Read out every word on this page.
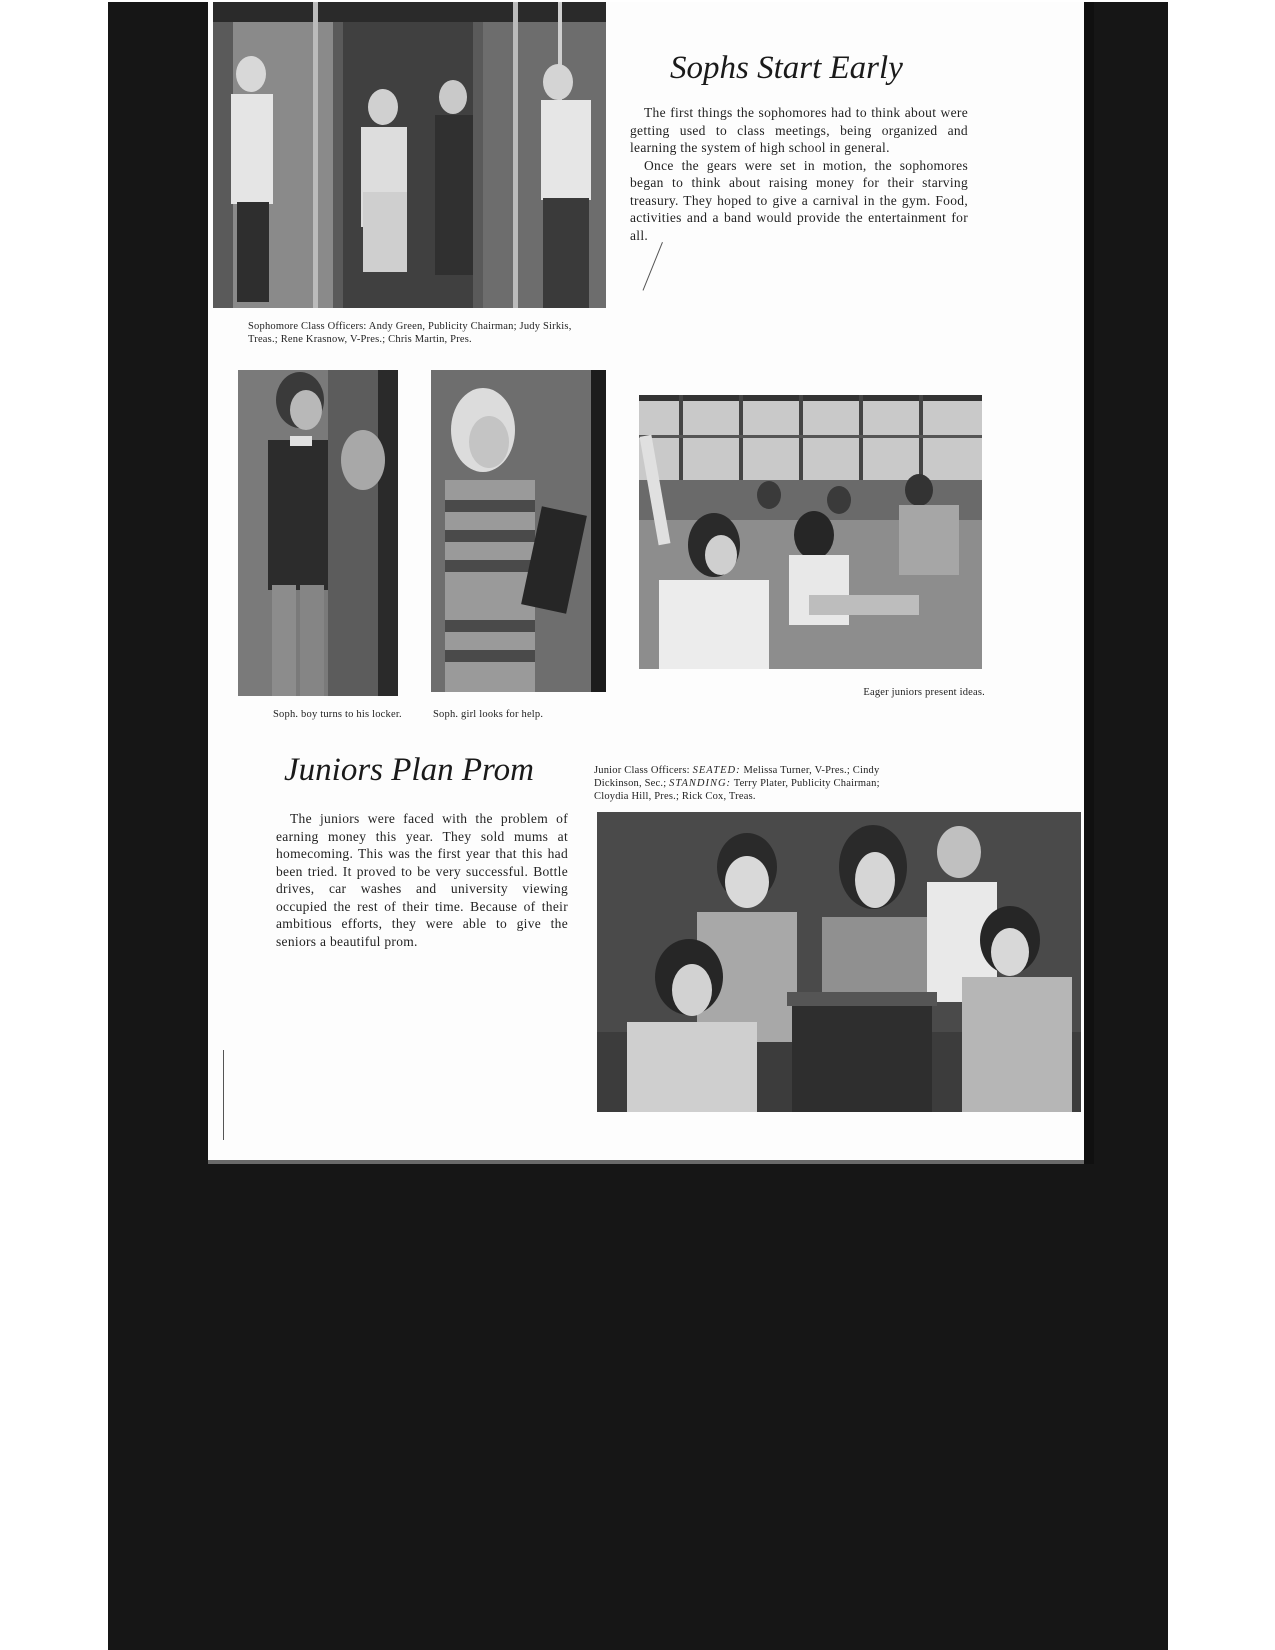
Sophs Start Early

The first things the sophomores had to think about were getting used to class meetings, being organized and learning the system of high school in general.

Once the gears were set in motion, the sophomores began to think about raising money for their starving treasury. They hoped to give a carnival in the gym. Food, activities and a band would provide the entertainment for all.

Sophomore Class Officers: Andy Green, Publicity Chairman; Judy Sirkis, Treas.; Rene Krasnow, V-Pres.; Chris Martin, Pres.

Eager juniors present ideas.

Soph. boy turns to his locker.	Soph. girl looks for help.

Juniors Plan Prom	Junior Class Officers: SEATED: Melissa Turner, V-Pres.; Cindy Dickinson, Sec.; STANDING: Terry Plater, Publicity Chairman; Cloydia Hill, Pres.; Rick Cox, Treas.

The juniors were faced with the problem of earning money this year. They sold mums at homecoming. This was the first year that this had been tried. It proved to be very successful. Bottle drives, car washes and university viewing occupied the rest of their time. Because of their ambitious efforts, they were able to give the seniors a beautiful prom.
